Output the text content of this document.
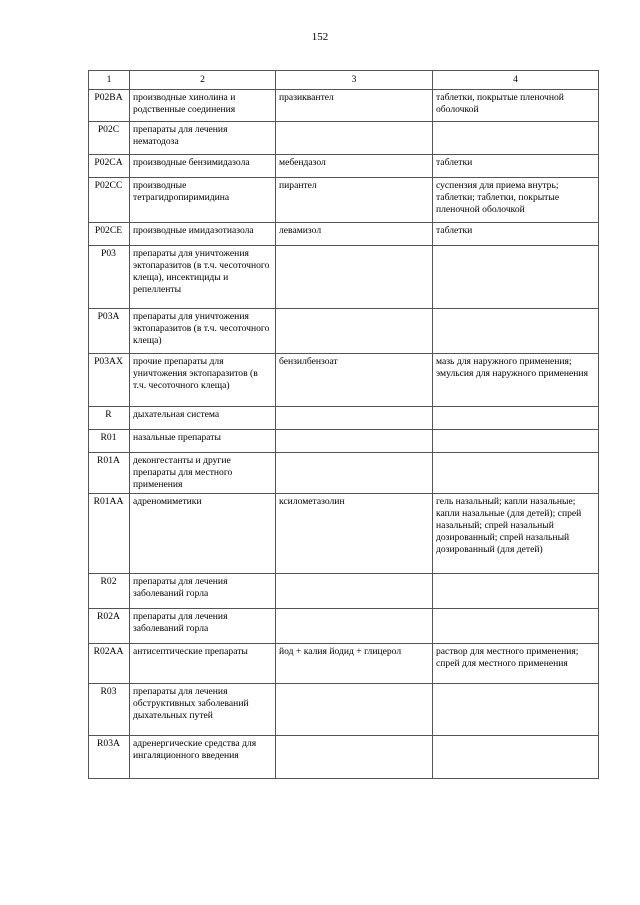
152
1	2	3	4
P02BA	производные хинолина и родственные соединения	празиквантел	таблетки, покрытые пленочной оболочкой
P02C	препараты для лечения нематодоза		
P02CA	производные бензимидазола	мебендазол	таблетки
P02CC	производные тетрагидропиримидина	пирантел	суспензия для приема внутрь; таблетки; таблетки, покрытые пленочной оболочкой
P02CE	производные имидазотиазола	левамизол	таблетки
P03	препараты для уничтожения эктопаразитов (в т.ч. чесоточного клеща), инсектициды и репелленты		
P03A	препараты для уничтожения эктопаразитов (в т.ч. чесоточного клеща)		
P03AX	прочие препараты для уничтожения эктопаразитов (в т.ч. чесоточного клеща)	бензилбензоат	мазь для наружного применения; эмульсия для наружного применения
R	дыхательная система		
R01	назальные препараты		
R01A	деконгестанты и другие препараты для местного применения		
R01AA	адреномиметики	ксилометазолин	гель назальный; капли назальные; капли назальные (для детей); спрей назальный; спрей назальный дозированный; спрей назальный дозированный (для детей)
R02	препараты для лечения заболеваний горла		
R02A	препараты для лечения заболеваний горла		
R02AA	антисептические препараты	йод + калия йодид + глицерол	раствор для местного применения; спрей для местного применения
R03	препараты для лечения обструктивных заболеваний дыхательных путей		
R03A	адренергические средства для ингаляционного введения		
